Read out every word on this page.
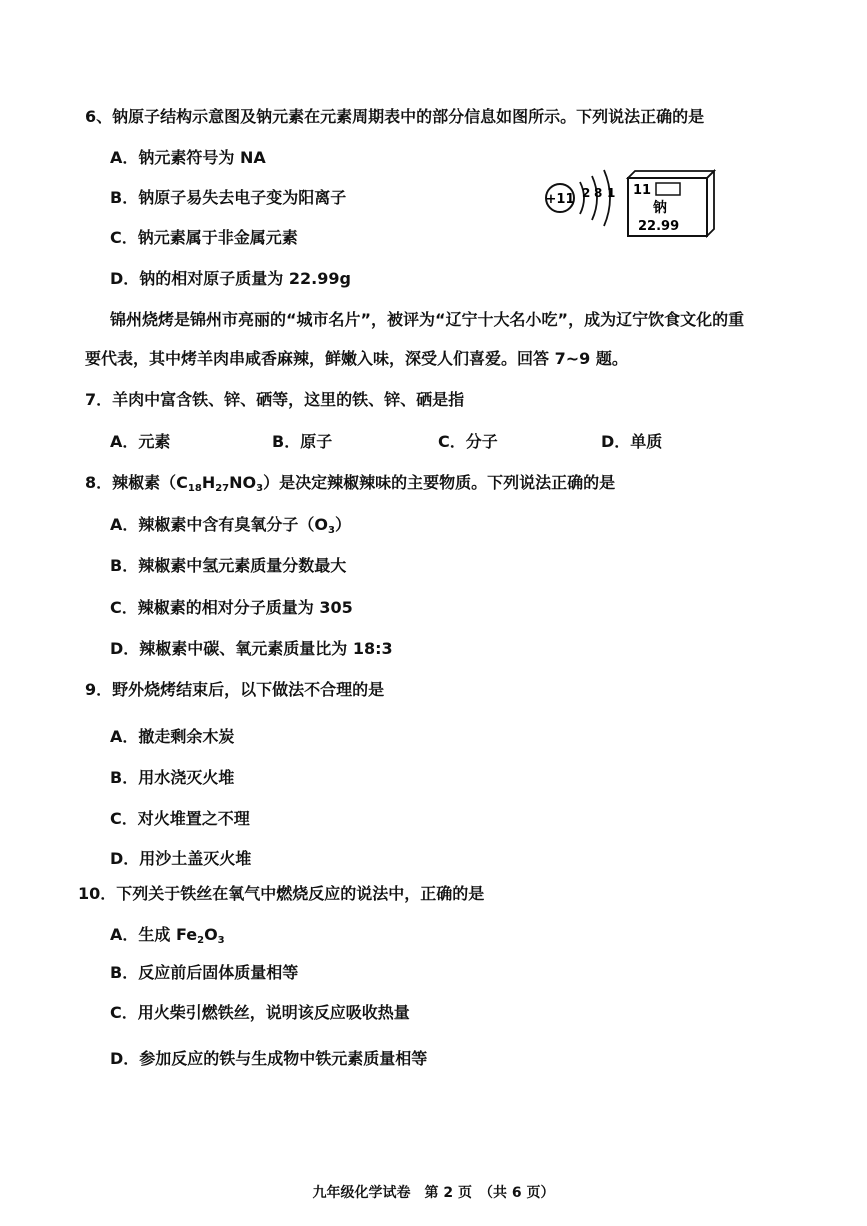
6、钠原子结构示意图及钠元素在元素周期表中的部分信息如图所示。下列说法正确的是
A．钠元素符号为 NA
B．钠原子易失去电子变为阳离子
C．钠元素属于非金属元素
D．钠的相对原子质量为 22.99g
+11 2 8 1 11
钠
22.99
锦州烧烤是锦州市亮丽的“城市名片”，被评为“辽宁十大名小吃”，成为辽宁饮食文化的重
要代表，其中烤羊肉串咸香麻辣，鲜嫩入味，深受人们喜爱。回答 7~9 题。
7．羊肉中富含铁、锌、硒等，这里的铁、锌、硒是指
A．元素	B．原子	C．分子	D．单质
8．辣椒素$(C_{18}H_{27}NO_3)$是决定辣椒辣味的主要物质。下列说法正确的是
A．辣椒素中含有臭氧分子$(O_3)$
B．辣椒素中氢元素质量分数最大
C．辣椒素的相对分子质量为 305
D．辣椒素中碳、氧元素质量比为 18:3
9．野外烧烤结束后，以下做法不合理的是
A．撤走剩余木炭
B．用水浇灭火堆
C．对火堆置之不理
D．用沙土盖灭火堆
10．下列关于铁丝在氧气中燃烧反应的说法中，正确的是
A．生成 $Fe_2O_3$
B．反应前后固体质量相等
C．用火柴引燃铁丝，说明该反应吸收热量
D．参加反应的铁与生成物中铁元素质量相等
九年级化学试卷　第 2 页　（共 6 页）
